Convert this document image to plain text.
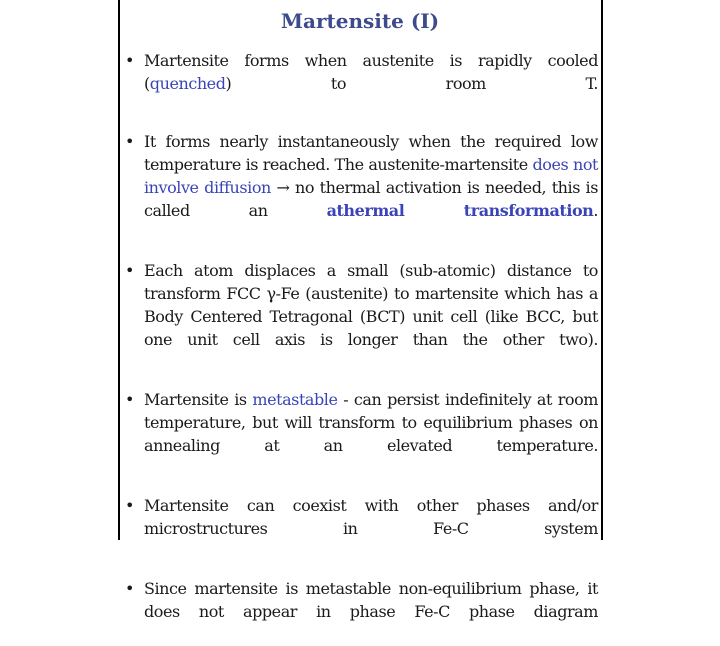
Martensite (I)

• Martensite forms when austenite is rapidly cooled (quenched) to room T.

• It forms nearly instantaneously when the required low temperature is reached. The austenite-martensite does not involve diffusion → no thermal activation is needed, this is called an athermal transformation.

• Each atom displaces a small (sub-atomic) distance to transform FCC γ-Fe (austenite) to martensite which has a Body Centered Tetragonal (BCT) unit cell (like BCC, but one unit cell axis is longer than the other two).

• Martensite is metastable - can persist indefinitely at room temperature, but will transform to equilibrium phases on annealing at an elevated temperature.

• Martensite can coexist with other phases and/or microstructures in Fe-C system

• Since martensite is metastable non-equilibrium phase, it does not appear in phase Fe-C phase diagram
